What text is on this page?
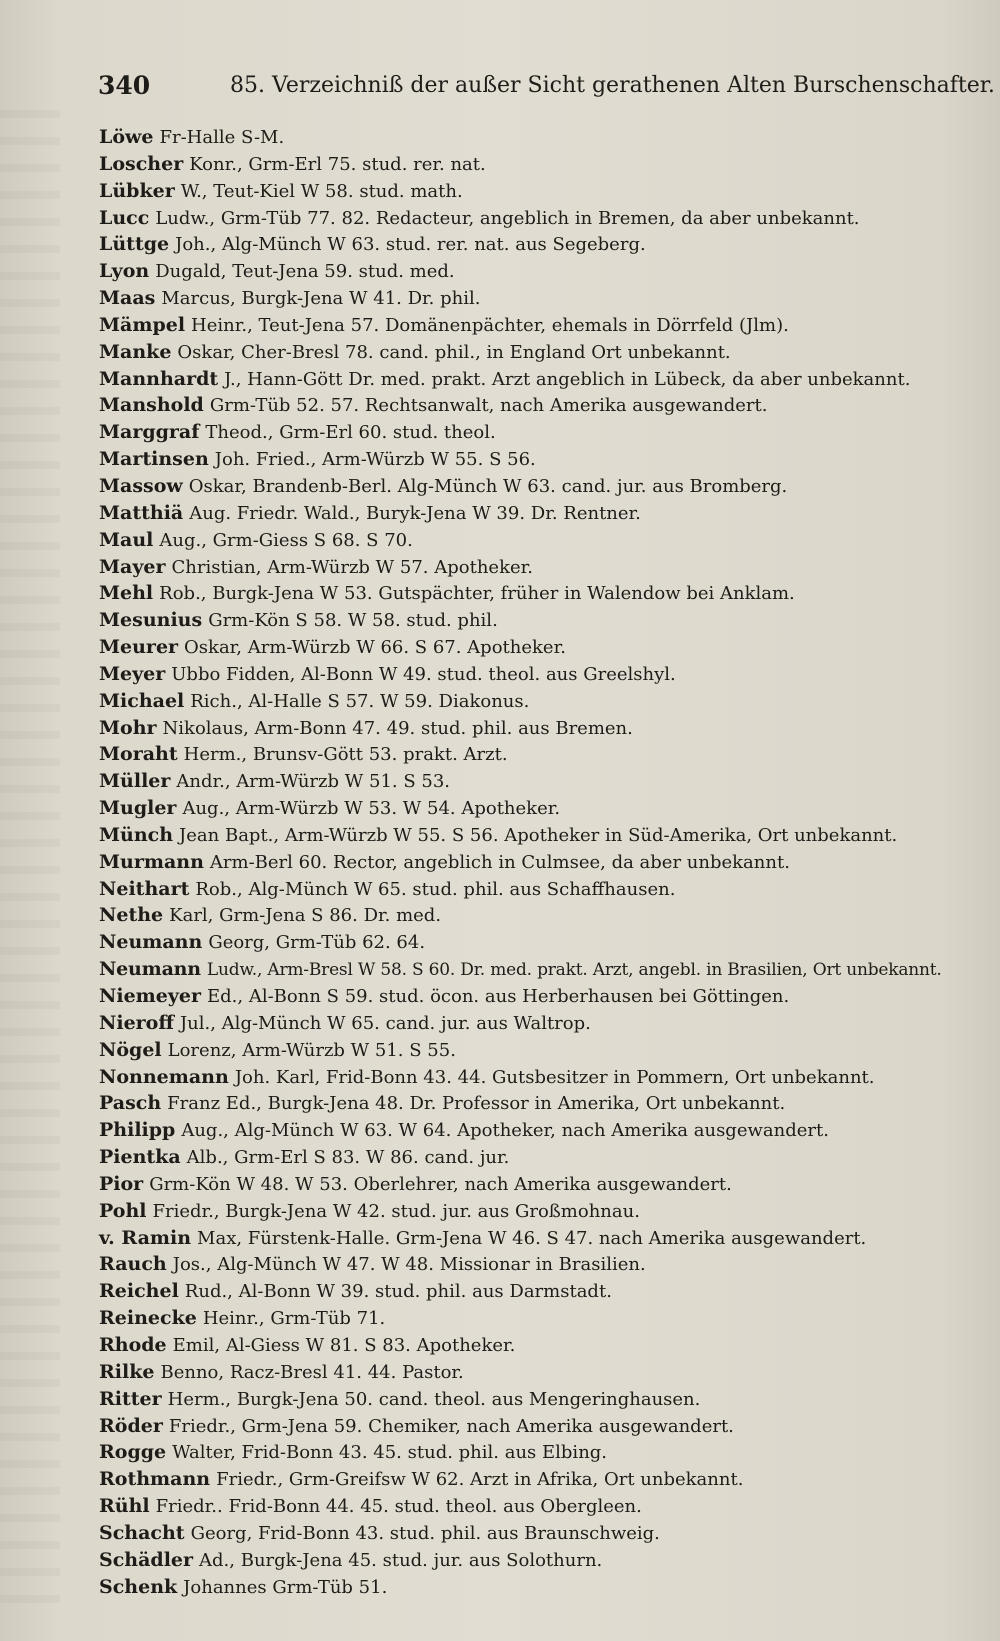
340	85. Verzeichniß der außer Sicht gerathenen Alten Burschenschafter.
Löwe Fr-Halle S-M.
Loscher Konr., Grm-Erl 75. stud. rer. nat.
Lübker W., Teut-Kiel W 58. stud. math.
Lucc Ludw., Grm-Tüb 77. 82. Redacteur, angeblich in Bremen, da aber unbekannt.
Lüttge Joh., Alg-Münch W 63. stud. rer. nat. aus Segeberg.
Lyon Dugald, Teut-Jena 59. stud. med.
Maas Marcus, Burgk-Jena W 41. Dr. phil.
Mämpel Heinr., Teut-Jena 57. Domänenpächter, ehemals in Dörrfeld (Jlm).
Manke Oskar, Cher-Bresl 78. cand. phil., in England Ort unbekannt.
Mannhardt J., Hann-Gött Dr. med. prakt. Arzt angeblich in Lübeck, da aber unbekannt.
Manshold Grm-Tüb 52. 57. Rechtsanwalt, nach Amerika ausgewandert.
Marggraf Theod., Grm-Erl 60. stud. theol.
Martinsen Joh. Fried., Arm-Würzb W 55. S 56.
Massow Oskar, Brandenb-Berl. Alg-Münch W 63. cand. jur. aus Bromberg.
Matthiä Aug. Friedr. Wald., Buryk-Jena W 39. Dr. Rentner.
Maul Aug., Grm-Giess S 68. S 70.
Mayer Christian, Arm-Würzb W 57. Apotheker.
Mehl Rob., Burgk-Jena W 53. Gutspächter, früher in Walendow bei Anklam.
Mesunius Grm-Kön S 58. W 58. stud. phil.
Meurer Oskar, Arm-Würzb W 66. S 67. Apotheker.
Meyer Ubbo Fidden, Al-Bonn W 49. stud. theol. aus Greelshyl.
Michael Rich., Al-Halle S 57. W 59. Diakonus.
Mohr Nikolaus, Arm-Bonn 47. 49. stud. phil. aus Bremen.
Moraht Herm., Brunsv-Gött 53. prakt. Arzt.
Müller Andr., Arm-Würzb W 51. S 53.
Mugler Aug., Arm-Würzb W 53. W 54. Apotheker.
Münch Jean Bapt., Arm-Würzb W 55. S 56. Apotheker in Süd-Amerika, Ort unbekannt.
Murmann Arm-Berl 60. Rector, angeblich in Culmsee, da aber unbekannt.
Neithart Rob., Alg-Münch W 65. stud. phil. aus Schaffhausen.
Nethe Karl, Grm-Jena S 86. Dr. med.
Neumann Georg, Grm-Tüb 62. 64.
Neumann Ludw., Arm-Bresl W 58. S 60. Dr. med. prakt. Arzt, angebl. in Brasilien, Ort unbekannt.
Niemeyer Ed., Al-Bonn S 59. stud. öcon. aus Herberhausen bei Göttingen.
Nieroff Jul., Alg-Münch W 65. cand. jur. aus Waltrop.
Nögel Lorenz, Arm-Würzb W 51. S 55.
Nonnemann Joh. Karl, Frid-Bonn 43. 44. Gutsbesitzer in Pommern, Ort unbekannt.
Pasch Franz Ed., Burgk-Jena 48. Dr. Professor in Amerika, Ort unbekannt.
Philipp Aug., Alg-Münch W 63. W 64. Apotheker, nach Amerika ausgewandert.
Pientka Alb., Grm-Erl S 83. W 86. cand. jur.
Pior Grm-Kön W 48. W 53. Oberlehrer, nach Amerika ausgewandert.
Pohl Friedr., Burgk-Jena W 42. stud. jur. aus Großmohnau.
v. Ramin Max, Fürstenk-Halle. Grm-Jena W 46. S 47. nach Amerika ausgewandert.
Rauch Jos., Alg-Münch W 47. W 48. Missionar in Brasilien.
Reichel Rud., Al-Bonn W 39. stud. phil. aus Darmstadt.
Reinecke Heinr., Grm-Tüb 71.
Rhode Emil, Al-Giess W 81. S 83. Apotheker.
Rilke Benno, Racz-Bresl 41. 44. Pastor.
Ritter Herm., Burgk-Jena 50. cand. theol. aus Mengeringhausen.
Röder Friedr., Grm-Jena 59. Chemiker, nach Amerika ausgewandert.
Rogge Walter, Frid-Bonn 43. 45. stud. phil. aus Elbing.
Rothmann Friedr., Grm-Greifsw W 62. Arzt in Afrika, Ort unbekannt.
Rühl Friedr.. Frid-Bonn 44. 45. stud. theol. aus Obergleen.
Schacht Georg, Frid-Bonn 43. stud. phil. aus Braunschweig.
Schädler Ad., Burgk-Jena 45. stud. jur. aus Solothurn.
Schenk Johannes Grm-Tüb 51.
